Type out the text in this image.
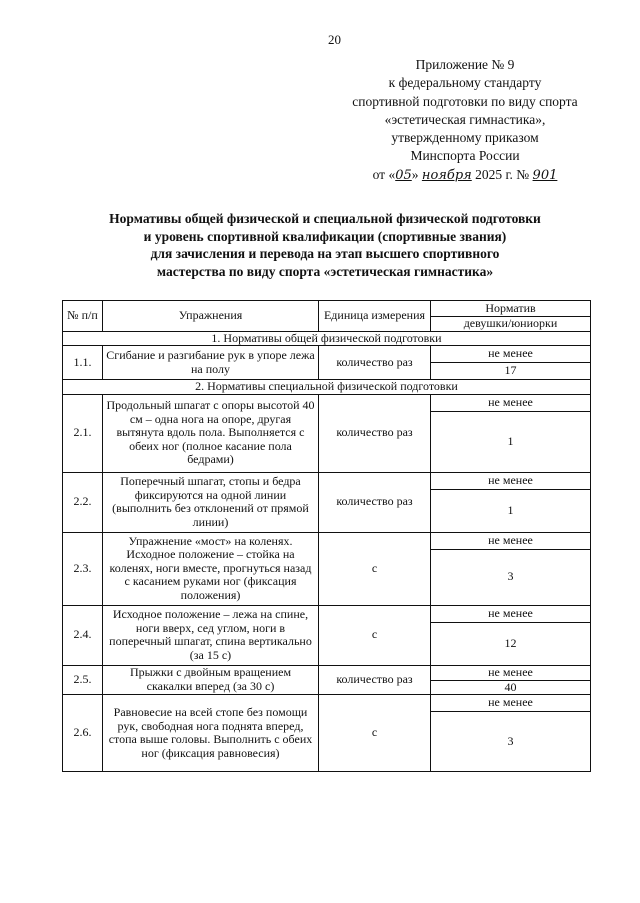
20
Приложение № 9
к федеральному стандарту
спортивной подготовки по виду спорта
«эстетическая гимнастика»,
утвержденному приказом
Минспорта России
от «05» ноября 2025 г. № 901
Нормативы общей физической и специальной физической подготовки
и уровень спортивной квалификации (спортивные звания)
для зачисления и перевода на этап высшего спортивного
мастерства по виду спорта «эстетическая гимнастика»
№ п/п	Упражнения	Единица измерения	Норматив
			девушки/юниорки
1. Нормативы общей физической подготовки			
1.1.	Сгибание и разгибание рук в упоре лежа на полу	количество раз	не менее
			17
2. Нормативы специальной физической подготовки			
2.1.	Продольный шпагат с опоры высотой 40 см – одна нога на опоре, другая вытянута вдоль пола. Выполняется с обеих ног (полное касание пола бедрами)	количество раз	не менее
			1
2.2.	Поперечный шпагат, стопы и бедра фиксируются на одной линии (выполнить без отклонений от прямой линии)	количество раз	не менее
			1
2.3.	Упражнение «мост» на коленях. Исходное положение – стойка на коленях, ноги вместе, прогнуться назад с касанием руками ног (фиксация положения)	с	не менее
			3
2.4.	Исходное положение – лежа на спине, ноги вверх, сед углом, ноги в поперечный шпагат, спина вертикально (за 15 с)	с	не менее
			12
2.5.	Прыжки с двойным вращением скакалки вперед (за 30 с)	количество раз	не менее
			40
2.6.	Равновесие на всей стопе без помощи рук, свободная нога поднята вперед, стопа выше головы. Выполнить с обеих ног (фиксация равновесия)	с	не менее
			3
